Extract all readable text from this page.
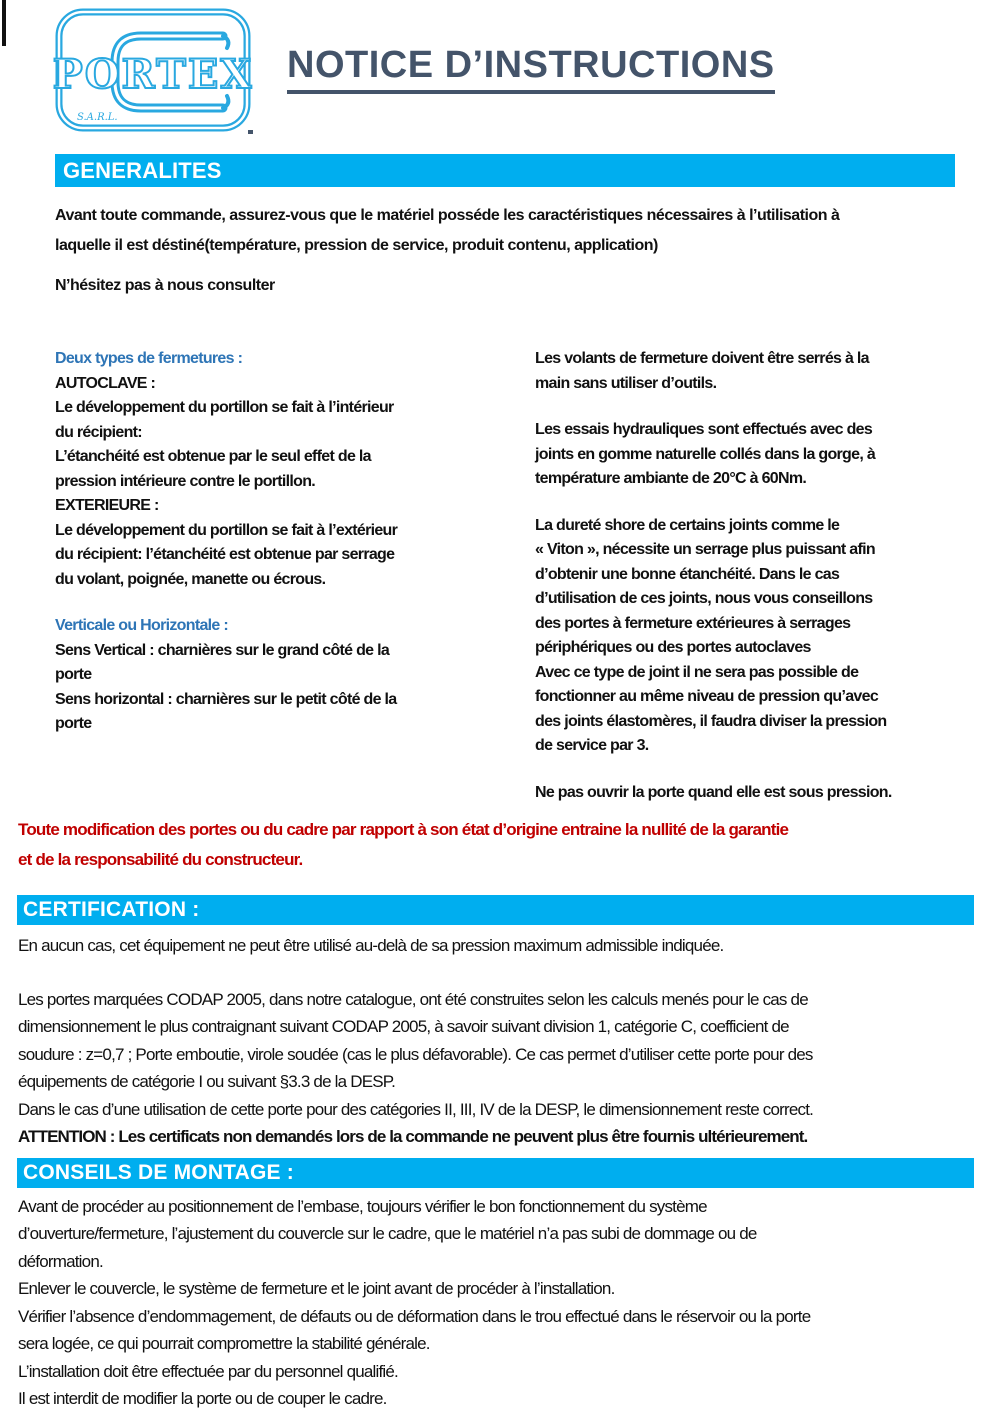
PORTEX
S.A.R.L.
NOTICE D’INSTRUCTIONS
GENERALITES
Avant toute commande, assurez-vous que le matériel posséde les caractéristiques nécessaires à l’utilisation à
laquelle il est déstiné(température, pression de service, produit contenu, application)
N’hésitez pas à nous consulter
Deux types de fermetures :
AUTOCLAVE :
Le développement du portillon se fait à l’intérieur
du récipient:
L’étanchéité est obtenue par le seul effet de la
pression intérieure contre le portillon.
EXTERIEURE :
Le développement du portillon se fait à l’extérieur
du récipient: l’étanchéité est obtenue par serrage
du volant, poignée, manette ou écrous.
Verticale ou Horizontale :
Sens Vertical : charnières sur le grand côté de la
porte
Sens horizontal : charnières sur le petit côté de la
porte
Les volants de fermeture doivent être serrés à la
main sans utiliser d’outils.
Les essais hydrauliques sont effectués avec des
joints en gomme naturelle collés dans la gorge, à
température ambiante de 20°C à 60Nm.
La dureté shore de certains joints comme le
« Viton », nécessite un serrage plus puissant afin
d’obtenir une bonne étanchéité. Dans le cas
d’utilisation de ces joints, nous vous conseillons
des portes à fermeture extérieures à serrages
périphériques ou des portes autoclaves
Avec ce type de joint il ne sera pas possible de
fonctionner au même niveau de pression qu’avec
des joints élastomères, il faudra diviser la pression
de service par 3.
Ne pas ouvrir la porte quand elle est sous pression.
Toute modification des portes ou du cadre par rapport à son état d’origine entraine la nullité de la garantie
et de la responsabilité du constructeur.
CERTIFICATION :
En aucun cas, cet équipement ne peut être utilisé au-delà de sa pression maximum admissible indiquée.
Les portes marquées CODAP 2005, dans notre catalogue, ont été construites selon les calculs menés pour le cas de
dimensionnement le plus contraignant suivant CODAP 2005, à savoir suivant division 1, catégorie C, coefficient de
soudure : z=0,7 ; Porte emboutie, virole soudée (cas le plus défavorable). Ce cas permet d’utiliser cette porte pour des
équipements de catégorie I ou suivant §3.3 de la DESP.
Dans le cas d’une utilisation de cette porte pour des catégories II, III, IV de la DESP, le dimensionnement reste correct.
ATTENTION : Les certificats non demandés lors de la commande ne peuvent plus être fournis ultérieurement.
CONSEILS DE MONTAGE :
Avant de procéder au positionnement de l’embase, toujours vérifier le bon fonctionnement du système
d’ouverture/fermeture, l’ajustement du couvercle sur le cadre, que le matériel n’a pas subi de dommage ou de
déformation.
Enlever le couvercle, le système de fermeture et le joint avant de procéder à l’installation.
Vérifier l’absence d’endommagement, de défauts ou de déformation dans le trou effectué dans le réservoir ou la porte
sera logée, ce qui pourrait compromettre la stabilité générale.
L’installation doit être effectuée par du personnel qualifié.
Il est interdit de modifier la porte ou de couper le cadre.
